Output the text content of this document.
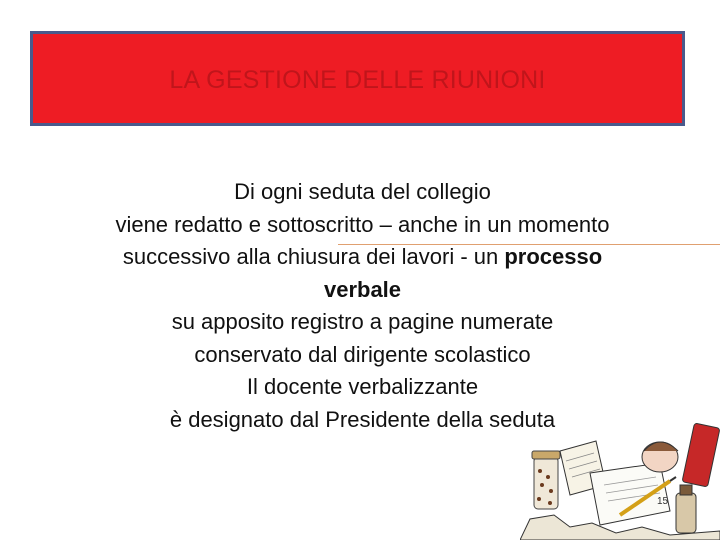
LA GESTIONE DELLE RIUNIONI
Di ogni seduta del collegio
viene redatto e sottoscritto – anche in un momento
successivo alla chiusura dei lavori - un processo
verbale
su apposito registro a pagine numerate
conservato dal dirigente scolastico
Il docente verbalizzante
è designato dal Presidente della seduta
15
